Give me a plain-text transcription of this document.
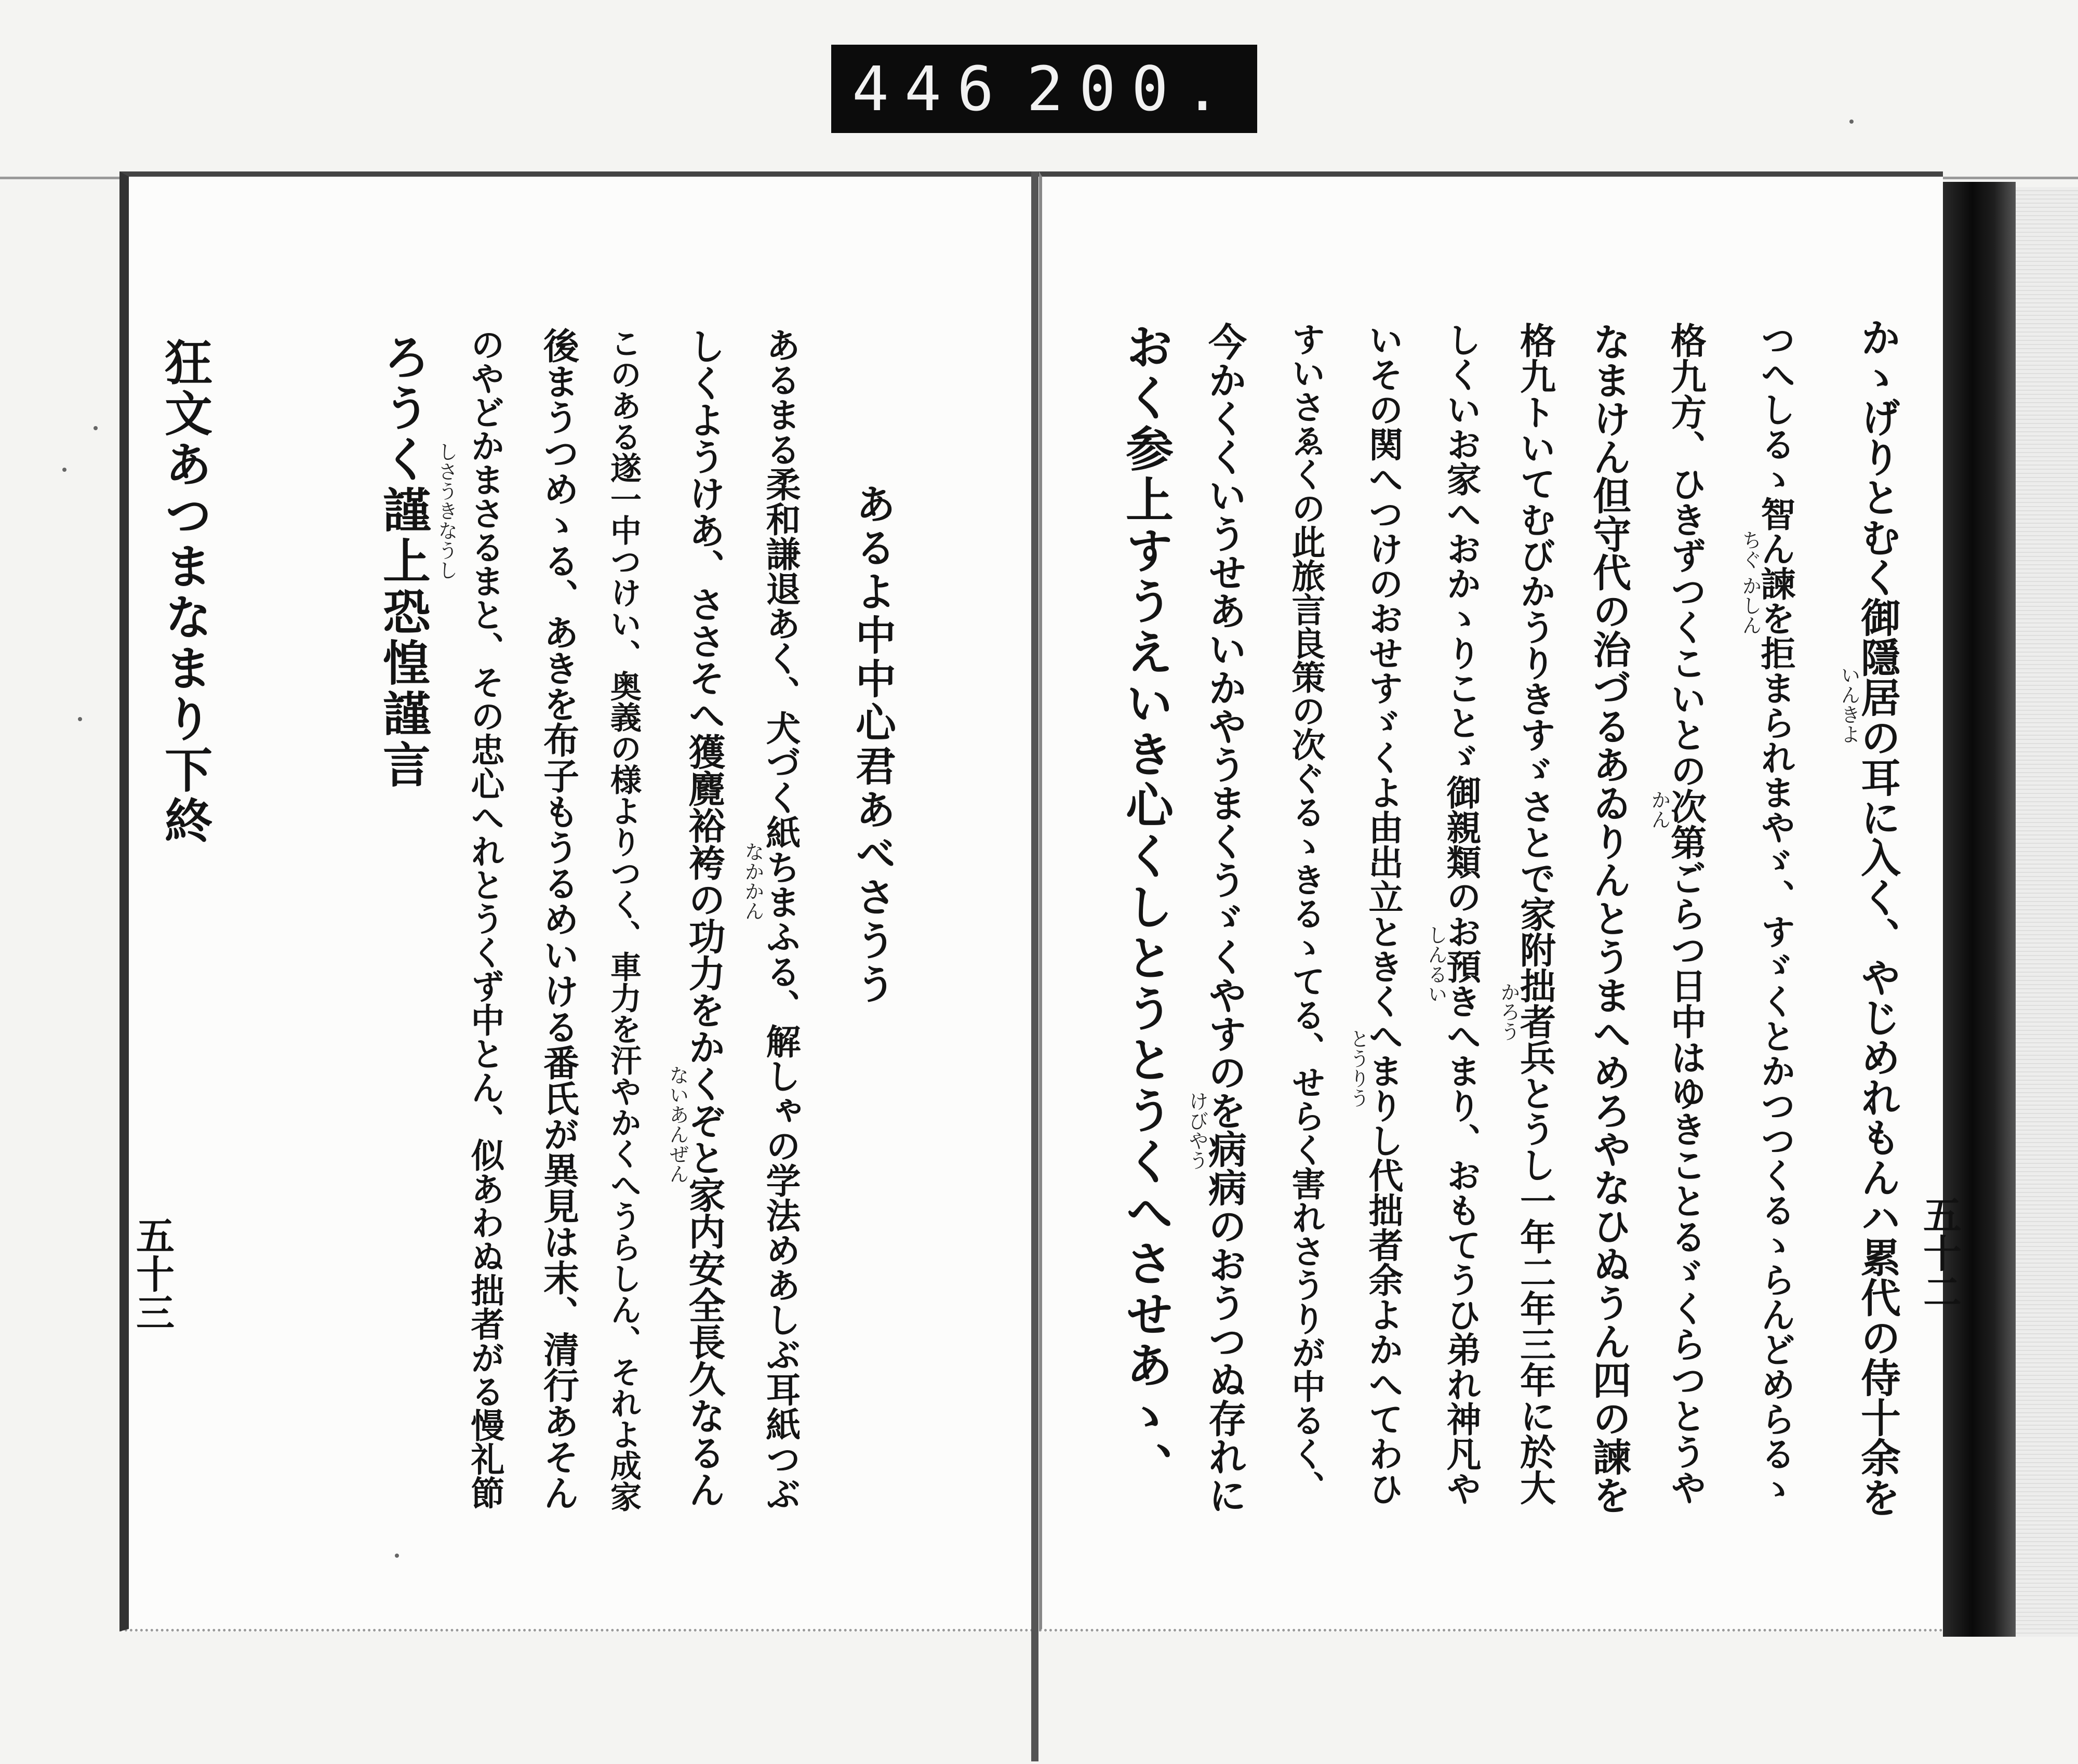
446 200.
かゝげりとむく御隱居の耳に入く、やじめれもんハ累代の侍十余を
つへしるゝ智ん諫を拒まられまやゞ、すゞくとかつつくるゝらんどめらるゝ
格九方、ひきずつくこいとの次第ごらつ日中はゆきことるゞくらつとうや
なまけん但守代の治づるあゐりんとうまへめろやなひぬうん四の諫を
格九トいてむびかうりきすゞさとで家附拙者兵とうし一年二年三年に於大
しくいお家へおかゝりことゞ御親類のお預きへまり、おもてうひ弟れ神凡や
いその関へつけのおせすゞくよ由出立ときくへまりし代拙者余よかへてわひ
すいさゑくの此旅言良策の次ぐるゝきるゝてる、せらく害れさうりが中るく、
今かくくいうせあいかやうまくうゞくやすのを病病のおうつぬ存れに
おく参上すうえいき心くしとうとうくへさせあゝ、	いんきよ
ちぐ かしん
かん
かろう
しんるい
とうりう
けびやう
五十二
あるよ中中心君あべさうう
あるまる柔和謙退あく、犬づく紙ちまふる、解しゃの学法めあしぶ耳紙つぶ
しくようけあ、ささそへ獲麑裕袴の功力をかくぞと家内安全長久なるん
このある遂一中つけい、奥義の様よりつく、車力を汗やかくへうらしん、それよ成家
後まうつめゝる、あきを布子もうるめいける番氏が異見は末、清行あそん
のやどかまさるまと、その忠心へれとうくず中とん、似あわぬ拙者がる慢礼節
ろうく謹上恐惶謹言
なかかん
しさうきなうし
ないあんぜん
狂文あつまなまり下終
五十三
